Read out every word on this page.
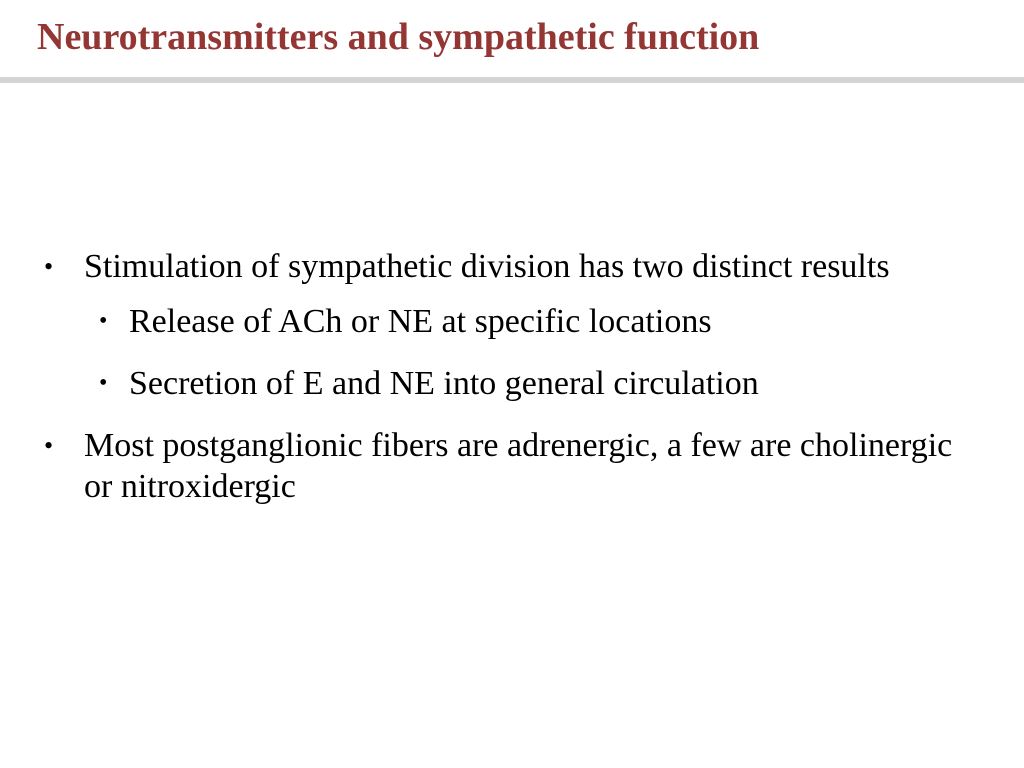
Neurotransmitters and sympathetic function
• Stimulation of sympathetic division has two distinct results
• Release of ACh or NE at specific locations
• Secretion of E and NE into general circulation
• Most postganglionic fibers are adrenergic, a few are cholinergic or nitroxidergic
